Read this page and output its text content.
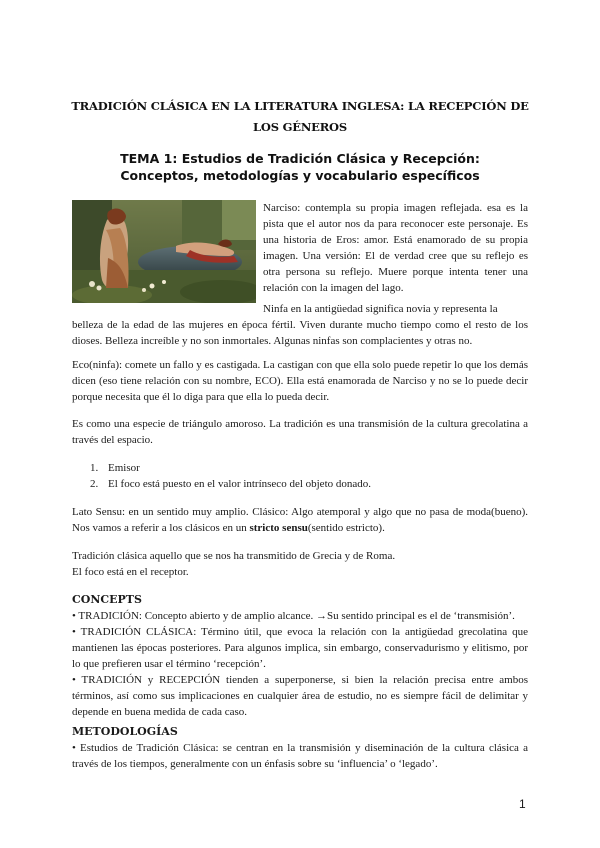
TRADICIÓN CLÁSICA EN LA LITERATURA INGLESA: LA RECEPCIÓN DE LOS GÉNEROS
TEMA 1: Estudios de Tradición Clásica y Recepción: Conceptos, metodologías y vocabulario específicos

Narciso: contempla su propia imagen reflejada. esa es la pista que el autor nos da para reconocer este personaje. Es una historia de Eros: amor. Está enamorado de su propia imagen. Una versión: El de verdad cree que su reflejo es otra persona su reflejo. Muere porque intenta tener una relación con la imagen del lago.

Ninfa en la antigüedad significa novia y representa la

belleza de la edad de las mujeres en época fértil. Viven durante mucho tiempo como el resto de los dioses. Belleza increíble y no son inmortales. Algunas ninfas son complacientes y otras no.

Eco(ninfa): comete un fallo y es castigada. La castigan con que ella solo puede repetir lo que los demás dicen (eso tiene relación con su nombre, ECO). Ella está enamorada de Narciso y no se lo puede decir porque necesita que él lo diga para que ella lo pueda decir.

Es como una especie de triángulo amoroso. La tradición es una transmisión de la cultura grecolatina a través del espacio.

1. Emisor
2. El foco está puesto en el valor intrínseco del objeto donado.

Lato Sensu: en un sentido muy amplio. Clásico: Algo atemporal y algo que no pasa de moda(bueno). Nos vamos a referir a los clásicos en un stricto sensu(sentido estricto).

Tradición clásica aquello que se nos ha transmitido de Grecia y de Roma.
El foco está en el receptor.

CONCEPTS

• TRADICIÓN: Concepto abierto y de amplio alcance. →Su sentido principal es el de ‘transmisión’.

• TRADICIÓN CLÁSICA: Término útil, que evoca la relación con la antigüedad grecolatina que mantienen las épocas posteriores. Para algunos implica, sin embargo, conservadurismo y elitismo, por lo que prefieren usar el término ‘recepción’.

• TRADICIÓN y RECEPCIÓN tienden a superponerse, si bien la relación precisa entre ambos términos, así como sus implicaciones en cualquier área de estudio, no es siempre fácil de delimitar y depende en buena medida de cada caso.

METODOLOGÍAS

• Estudios de Tradición Clásica: se centran en la transmisión y diseminación de la cultura clásica a través de los tiempos, generalmente con un énfasis sobre su ‘influencia’ o ‘legado’.

1
